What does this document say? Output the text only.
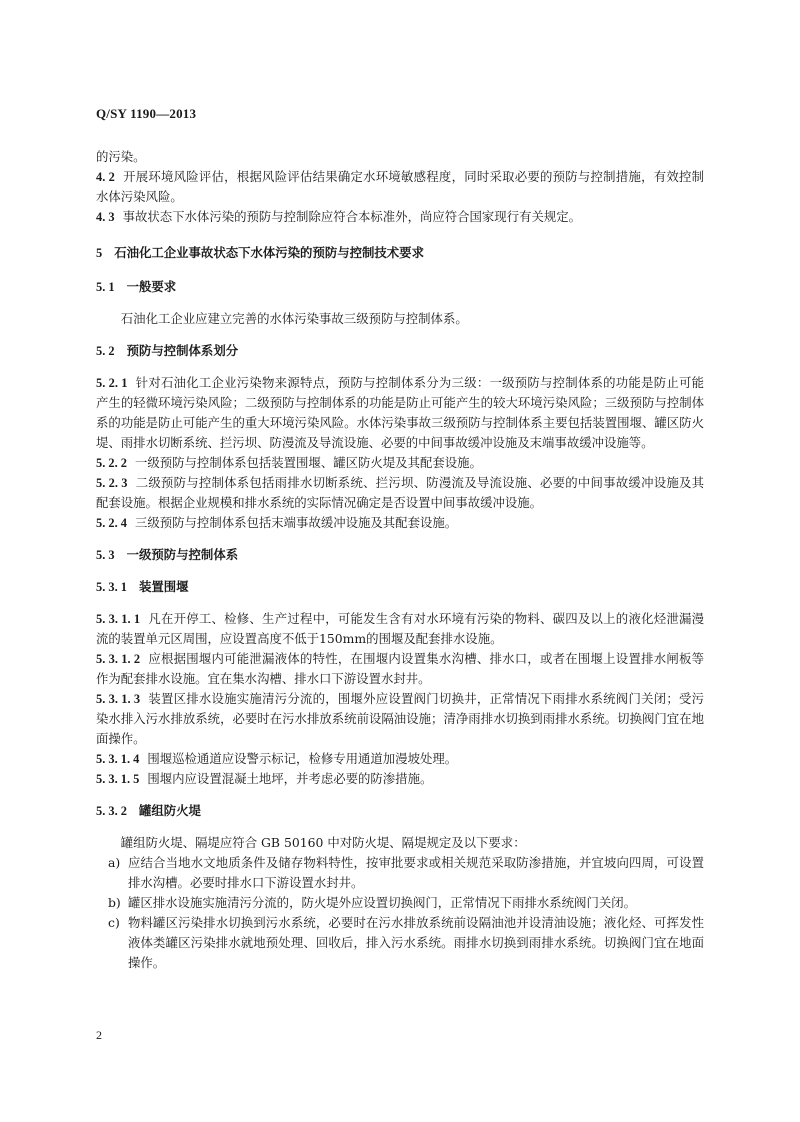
Q/SY 1190—2013

的污染。

4. 2 开展环境风险评估，根据风险评估结果确定水环境敏感程度，同时采取必要的预防与控制措施，有效控制水体污染风险。

4. 3 事故状态下水体污染的预防与控制除应符合本标准外，尚应符合国家现行有关规定。

5 石油化工企业事故状态下水体污染的预防与控制技术要求

5. 1 一般要求

石油化工企业应建立完善的水体污染事故三级预防与控制体系。

5. 2 预防与控制体系划分

5. 2. 1 针对石油化工企业污染物来源特点，预防与控制体系分为三级：一级预防与控制体系的功能是防止可能产生的轻微环境污染风险；二级预防与控制体系的功能是防止可能产生的较大环境污染风险；三级预防与控制体系的功能是防止可能产生的重大环境污染风险。水体污染事故三级预防与控制体系主要包括装置围堰、罐区防火堤、雨排水切断系统、拦污坝、防漫流及导流设施、必要的中间事故缓冲设施及末端事故缓冲设施等。

5. 2. 2 一级预防与控制体系包括装置围堰、罐区防火堤及其配套设施。

5. 2. 3 二级预防与控制体系包括雨排水切断系统、拦污坝、防漫流及导流设施、必要的中间事故缓冲设施及其配套设施。根据企业规模和排水系统的实际情况确定是否设置中间事故缓冲设施。

5. 2. 4 三级预防与控制体系包括末端事故缓冲设施及其配套设施。

5. 3 一级预防与控制体系

5. 3. 1 装置围堰

5. 3. 1. 1 凡在开停工、检修、生产过程中，可能发生含有对水环境有污染的物料、碳四及以上的液化烃泄漏漫流的装置单元区周围，应设置高度不低于150mm的围堰及配套排水设施。

5. 3. 1. 2 应根据围堰内可能泄漏液体的特性，在围堰内设置集水沟槽、排水口，或者在围堰上设置排水闸板等作为配套排水设施。宜在集水沟槽、排水口下游设置水封井。

5. 3. 1. 3 装置区排水设施实施清污分流的，围堰外应设置阀门切换井，正常情况下雨排水系统阀门关闭；受污染水排入污水排放系统，必要时在污水排放系统前设隔油设施；清净雨排水切换到雨排水系统。切换阀门宜在地面操作。

5. 3. 1. 4 围堰巡检通道应设警示标记，检修专用通道加漫坡处理。

5. 3. 1. 5 围堰内应设置混凝土地坪，并考虑必要的防渗措施。

5. 3. 2 罐组防火堤

罐组防火堤、隔堤应符合 GB 50160 中对防火堤、隔堤规定及以下要求：

a) 应结合当地水文地质条件及储存物料特性，按审批要求或相关规范采取防渗措施，并宜坡向四周，可设置排水沟槽。必要时排水口下游设置水封井。
b) 罐区排水设施实施清污分流的，防火堤外应设置切换阀门，正常情况下雨排水系统阀门关闭。
c) 物料罐区污染排水切换到污水系统，必要时在污水排放系统前设隔油池并设清油设施；液化烃、可挥发性液体类罐区污染排水就地预处理、回收后，排入污水系统。雨排水切换到雨排水系统。切换阀门宜在地面操作。
2
